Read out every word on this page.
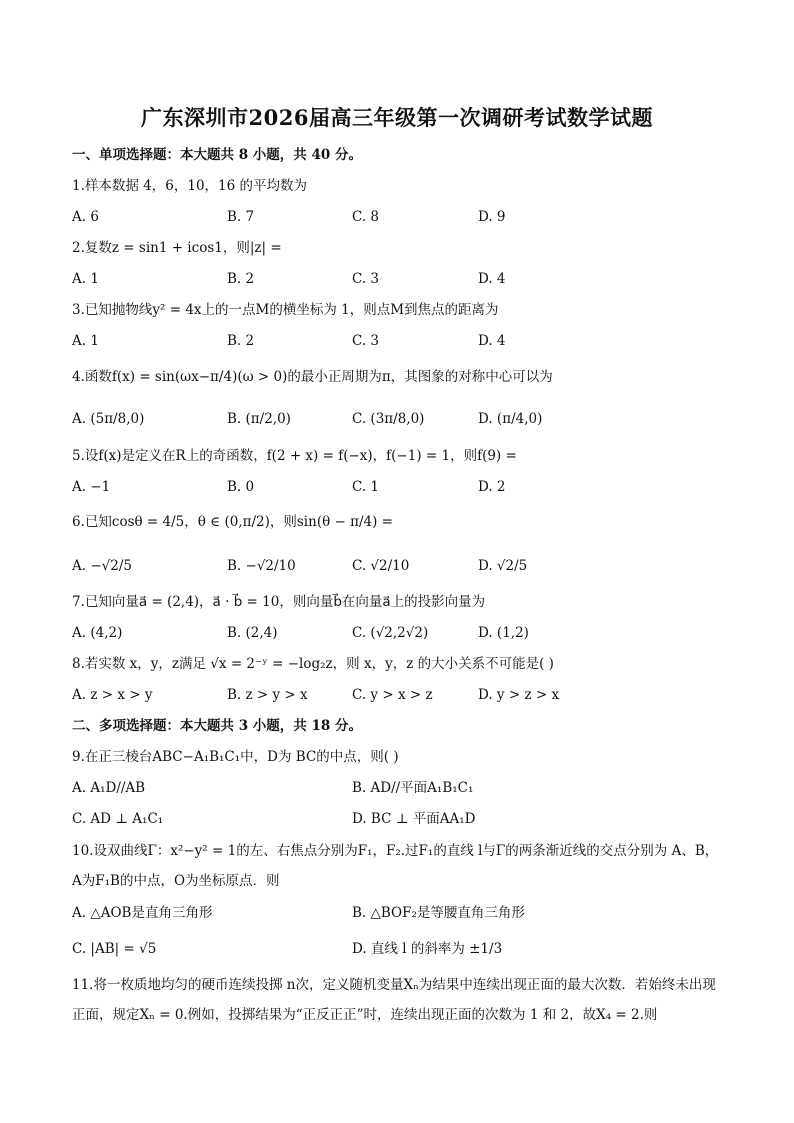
广东深圳市2026届高三年级第一次调研考试数学试题
一、单项选择题：本大题共 8 小题，共 40 分。
1.样本数据 4，6，10，16 的平均数为
A. 6	B. 7	C. 8	D. 9
2.复数z = sin1 + icos1，则|z| =
A. 1	B. 2	C. 3	D. 4
3.已知抛物线y² = 4x上的一点M的横坐标为 1，则点M到焦点的距离为
A. 1	B. 2	C. 3	D. 4
4.函数f(x) = sin(ωx−π/4)(ω > 0)的最小正周期为π，其图象的对称中心可以为
A. (5π/8,0)	B. (π/2,0)	C. (3π/8,0)	D. (π/4,0)
5.设f(x)是定义在R上的奇函数，f(2 + x) = f(−x)，f(−1) = 1，则f(9) =
A. −1	B. 0	C. 1	D. 2
6.已知cosθ = 4/5，θ ∈ (0,π/2)，则sin(θ − π/4) =
A. −√2/5	B. −√2/10	C. √2/10	D. √2/5
7.已知向量a⃗ = (2,4)，a⃗ · b⃗ = 10，则向量b⃗在向量a⃗上的投影向量为
A. (4,2)	B. (2,4)	C. (√2,2√2)	D. (1,2)
8.若实数 x，y，z满足 √x = 2⁻ʸ = −log₂z，则 x，y，z 的大小关系不可能是( )
A. z > x > y	B. z > y > x	C. y > x > z	D. y > z > x
二、多项选择题：本大题共 3 小题，共 18 分。
9.在正三棱台ABC−A₁B₁C₁中，D为 BC的中点，则( )
A. A₁D//AB	B. AD//平面A₁B₁C₁
C. AD ⊥ A₁C₁	D. BC ⊥ 平面AA₁D
10.设双曲线Γ：x²−y² = 1的左、右焦点分别为F₁，F₂.过F₁的直线 l与Γ的两条渐近线的交点分别为 A、B，A为F₁B的中点，O为坐标原点．则
A. △AOB是直角三角形	B. △BOF₂是等腰直角三角形
C. |AB| = √5	D. 直线 l 的斜率为 ±1/3
11.将一枚质地均匀的硬币连续投掷 n次，定义随机变量Xₙ为结果中连续出现正面的最大次数．若始终未出现正面，规定Xₙ = 0.例如，投掷结果为“正反正正”时，连续出现正面的次数为 1 和 2，故X₄ = 2.则
